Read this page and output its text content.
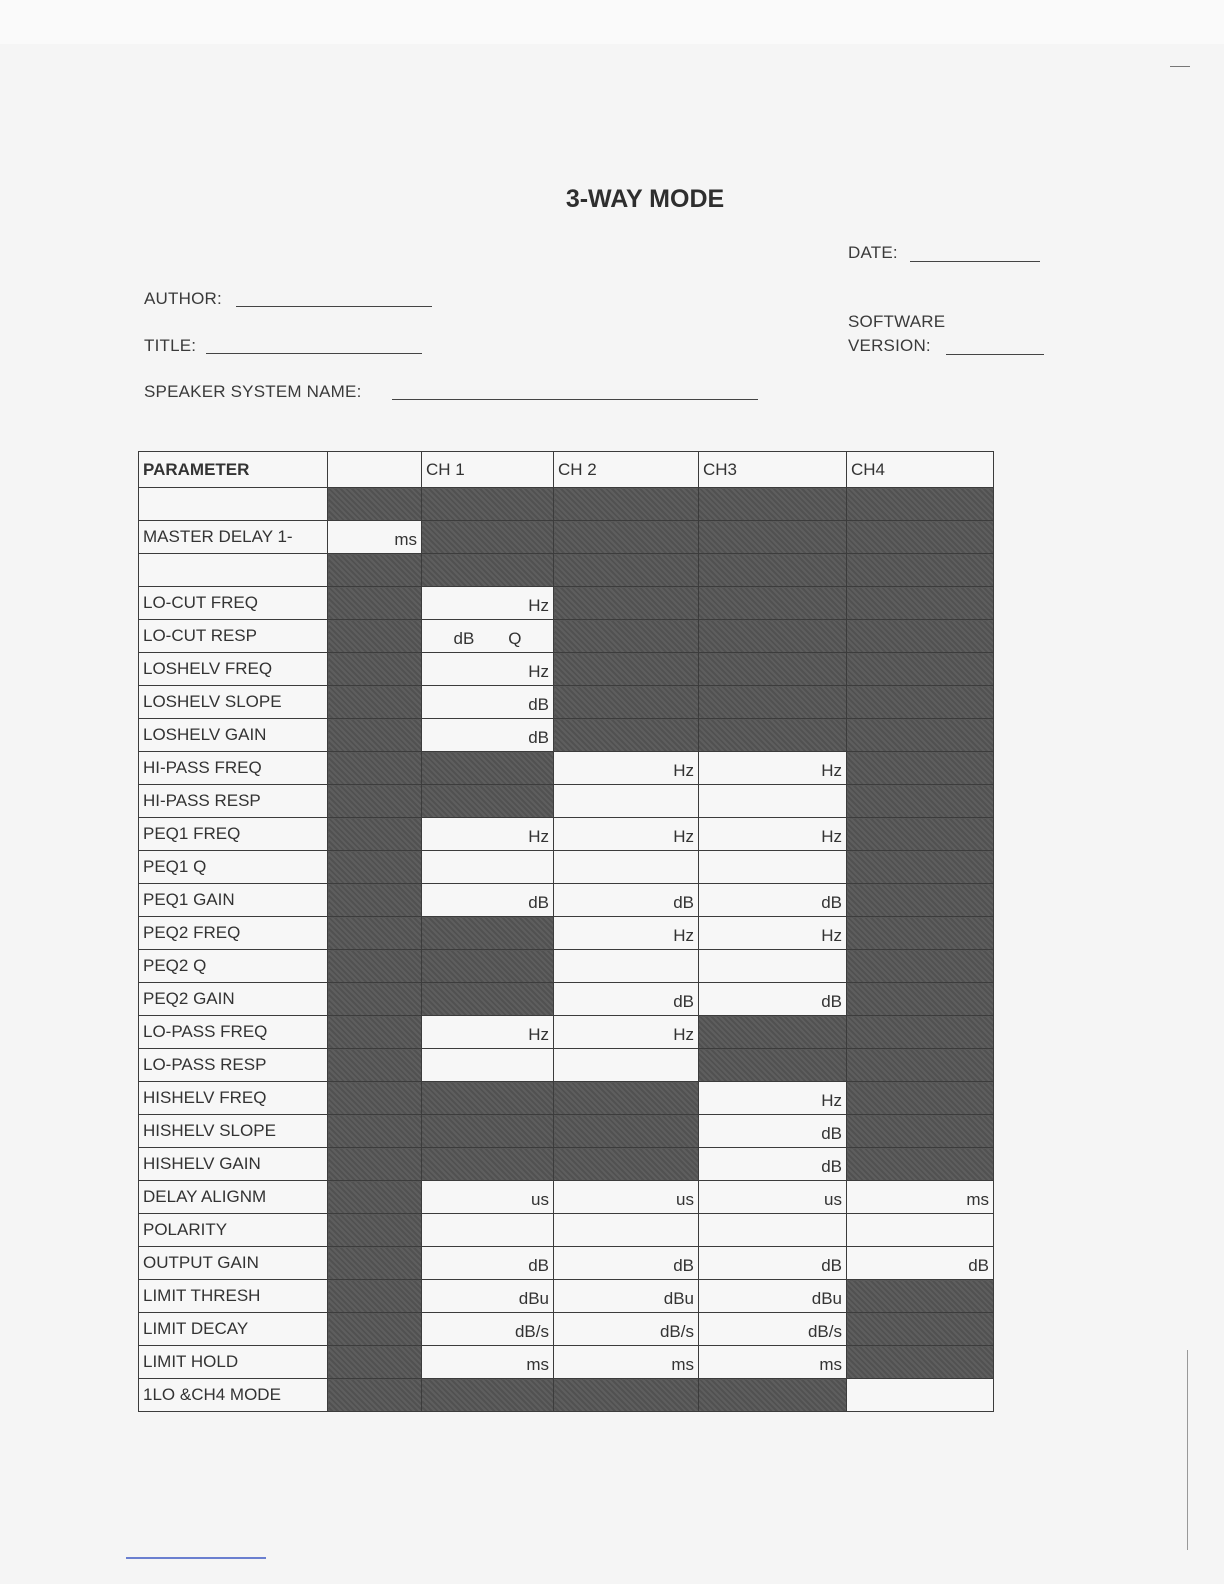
3-WAY MODE
DATE:
AUTHOR:
SOFTWARE
VERSION:
TITLE:
SPEAKER SYSTEM NAME:
PARAMETER		CH 1	CH 2	CH3	CH4

MASTER DELAY 1-	ms				

LO-CUT FREQ		Hz			
LO-CUT RESP		dB Q			
LOSHELV FREQ		Hz			
LOSHELV SLOPE		dB			
LOSHELV GAIN		dB			
HI-PASS FREQ			Hz	Hz	
HI-PASS RESP					
PEQ1 FREQ		Hz	Hz	Hz	
PEQ1 Q					
PEQ1 GAIN		dB	dB	dB	
PEQ2 FREQ			Hz	Hz	
PEQ2 Q					
PEQ2 GAIN			dB	dB	
LO-PASS FREQ		Hz	Hz		
LO-PASS RESP					
HISHELV FREQ				Hz	
HISHELV SLOPE				dB	
HISHELV GAIN				dB	
DELAY ALIGNM		us	us	us	ms
POLARITY					
OUTPUT GAIN		dB	dB	dB	dB
LIMIT THRESH		dBu	dBu	dBu	
LIMIT DECAY		dB/s	dB/s	dB/s	
LIMIT HOLD		ms	ms	ms	
1LO &CH4 MODE					
